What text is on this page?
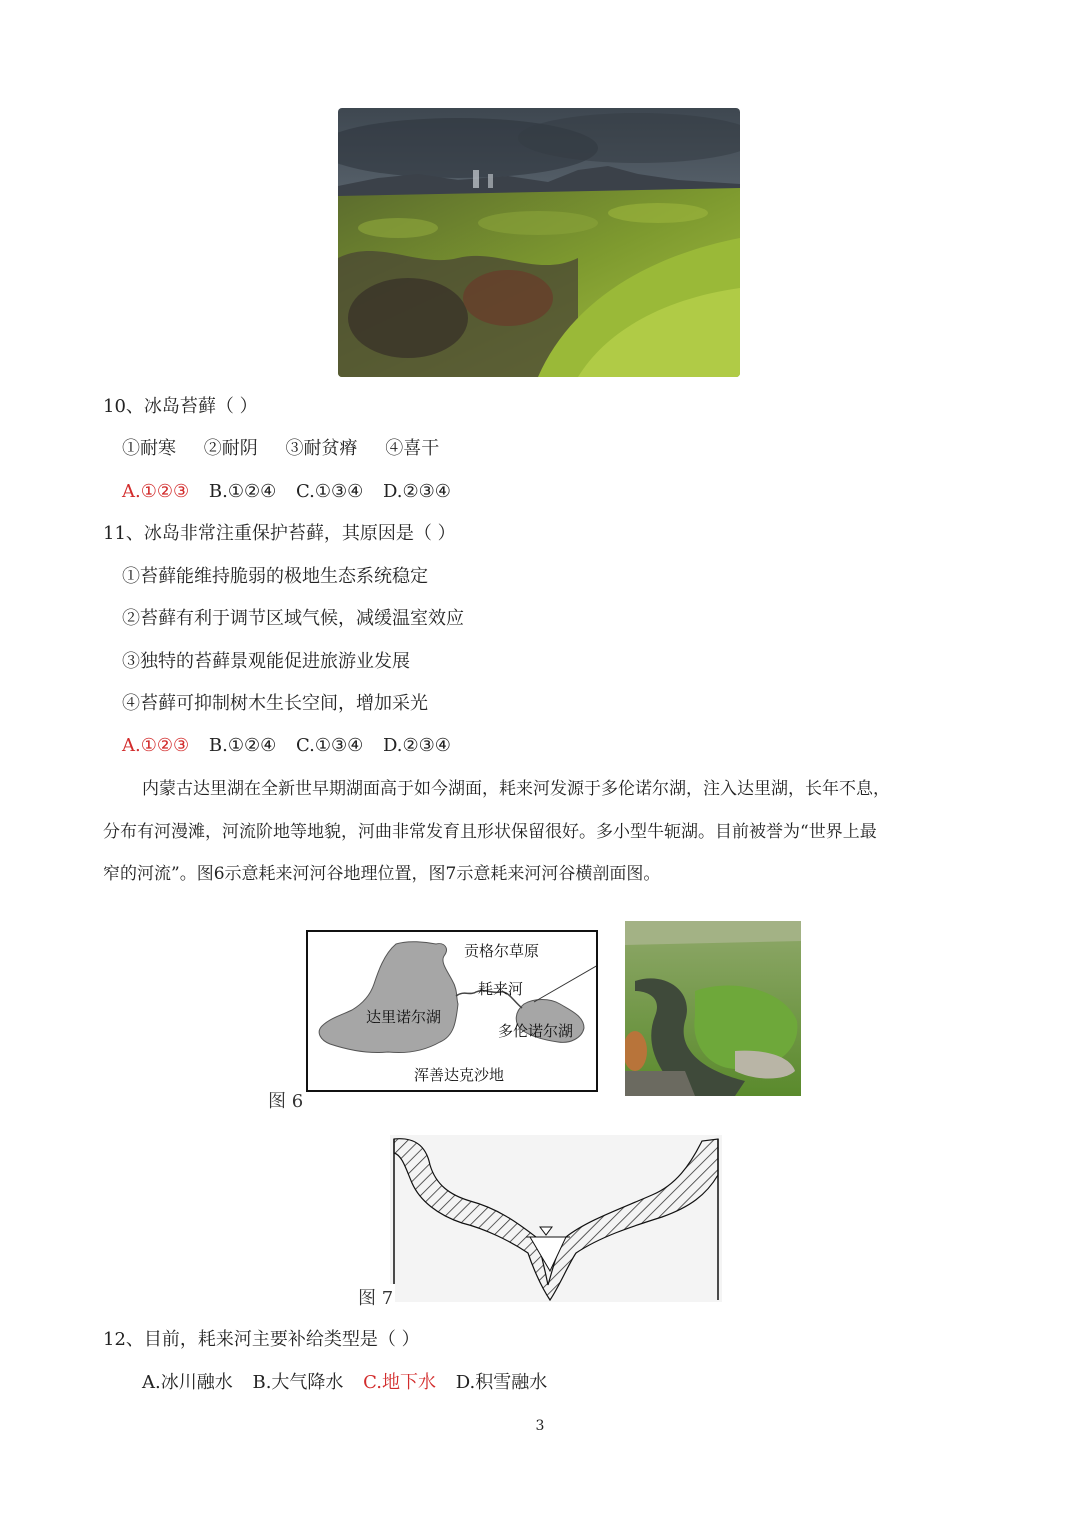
10、冰岛苔藓（ ）
①耐寒 ②耐阴 ③耐贫瘠 ④喜干
A.①②③ B.①②④ C.①③④ D.②③④
11、冰岛非常注重保护苔藓，其原因是（ ）
①苔藓能维持脆弱的极地生态系统稳定
②苔藓有利于调节区域气候，减缓温室效应
③独特的苔藓景观能促进旅游业发展
④苔藓可抑制树木生长空间，增加采光
A.①②③ B.①②④ C.①③④ D.②③④
内蒙古达里湖在全新世早期湖面高于如今湖面，耗来河发源于多伦诺尔湖，注入达里湖，长年不息，
分布有河漫滩，河流阶地等地貌，河曲非常发育且形状保留很好。多小型牛轭湖。目前被誉为“世界上最
窄的河流”。图6示意耗来河河谷地理位置，图7示意耗来河河谷横剖面图。
贡格尔草原
耗来河
达里诺尔湖
多伦诺尔湖
浑善达克沙地
图 6
图 7
12、目前，耗来河主要补给类型是（ ）
A.冰川融水 B.大气降水 C.地下水 D.积雪融水
3
